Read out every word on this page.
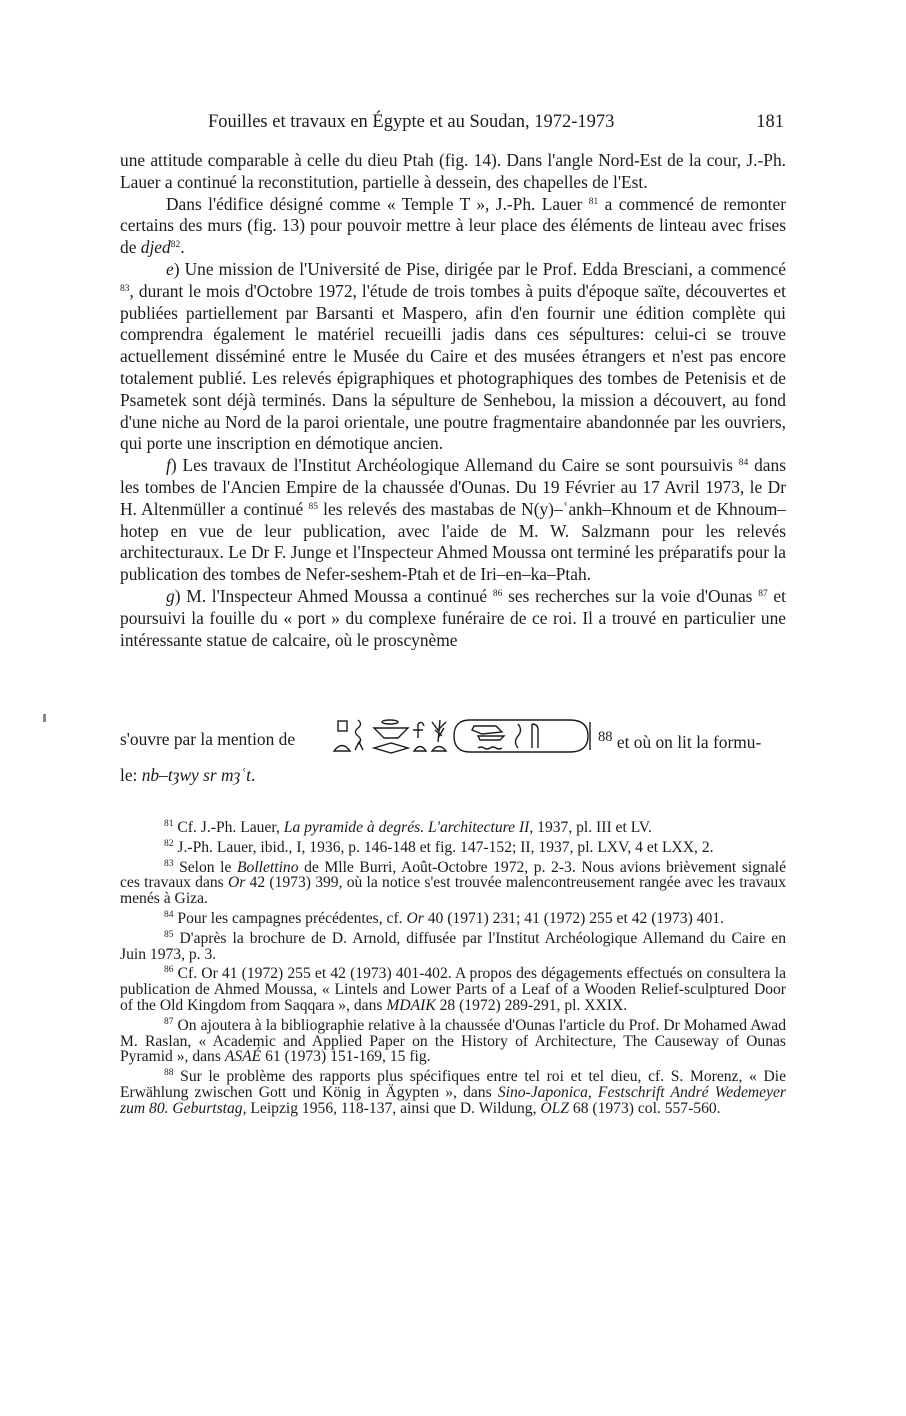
Fouilles et travaux en Égypte et au Soudan, 1972-1973	181

une attitude comparable à celle du dieu Ptah (fig. 14). Dans l'angle Nord-Est de la cour, J.-Ph. Lauer a continué la reconstitution, partielle à dessein, des chapelles de l'Est.

Dans l'édifice désigné comme « Temple T », J.-Ph. Lauer $^{81}$ a commencé de remonter certains des murs (fig. 13) pour pouvoir mettre à leur place des éléments de linteau avec frises de djed$^{82}$.

e) Une mission de l'Université de Pise, dirigée par le Prof. Edda Bresciani, a commencé $^{83}$, durant le mois d'Octobre 1972, l'étude de trois tombes à puits d'époque saïte, découvertes et publiées partiellement par Barsanti et Maspero, afin d'en fournir une édition complète qui comprendra également le matériel recueilli jadis dans ces sépultures: celui-ci se trouve actuellement disséminé entre le Musée du Caire et des musées étrangers et n'est pas encore totalement publié. Les relevés épigraphiques et photographiques des tombes de Petenisis et de Psametek sont déjà terminés. Dans la sépulture de Senhebou, la mission a découvert, au fond d'une niche au Nord de la paroi orientale, une poutre fragmentaire abandonnée par les ouvriers, qui porte une inscription en démotique ancien.

f) Les travaux de l'Institut Archéologique Allemand du Caire se sont poursuivis $^{84}$ dans les tombes de l'Ancien Empire de la chaussée d'Ounas. Du 19 Février au 17 Avril 1973, le Dr H. Altenmüller a continué $^{85}$ les relevés des mastabas de N(y)–ʿankh–Khnoum et de Khnoum–hotep en vue de leur publication, avec l'aide de M. W. Salzmann pour les relevés architecturaux. Le Dr F. Junge et l'Inspecteur Ahmed Moussa ont terminé les préparatifs pour la publication des tombes de Nefer-seshem-Ptah et de Iri–en–ka–Ptah.

g) M. l'Inspecteur Ahmed Moussa a continué $^{86}$ ses recherches sur la voie d'Ounas $^{87}$ et poursuivi la fouille du « port » du complexe funéraire de ce roi. Il a trouvé en particulier une intéressante statue de calcaire, où le proscynème

s'ouvre par la mention de	$^{88}$ et où on lit la formu-
le: nb–tȝwy sr mȝʿt.

$^{81}$ Cf. J.-Ph. Lauer, La pyramide à degrés. L'architecture II, 1937, pl. III et LV.

$^{82}$ J.-Ph. Lauer, ibid., I, 1936, p. 146-148 et fig. 147-152; II, 1937, pl. LXV, 4 et LXX, 2.

$^{83}$ Selon le Bollettino de Mlle Burri, Août-Octobre 1972, p. 2-3. Nous avions brièvement signalé ces travaux dans Or 42 (1973) 399, où la notice s'est trouvée malencontreusement rangée avec les travaux menés à Giza.

$^{84}$ Pour les campagnes précédentes, cf. Or 40 (1971) 231; 41 (1972) 255 et 42 (1973) 401.

$^{85}$ D'après la brochure de D. Arnold, diffusée par l'Institut Archéologique Allemand du Caire en Juin 1973, p. 3.

$^{86}$ Cf. Or 41 (1972) 255 et 42 (1973) 401-402. A propos des dégagements effectués on consultera la publication de Ahmed Moussa, « Lintels and Lower Parts of a Leaf of a Wooden Relief-sculptured Door of the Old Kingdom from Saqqara », dans MDAIK 28 (1972) 289-291, pl. XXIX.

$^{87}$ On ajoutera à la bibliographie relative à la chaussée d'Ounas l'article du Prof. Dr Mohamed Awad M. Raslan, « Academic and Applied Paper on the History of Architecture, The Causeway of Ounas Pyramid », dans ASAÉ 61 (1973) 151-169, 15 fig.

$^{88}$ Sur le problème des rapports plus spécifiques entre tel roi et tel dieu, cf. S. Morenz, « Die Erwählung zwischen Gott und König in Ägypten », dans Sino-Japonica, Festschrift André Wedemeyer zum 80. Geburtstag, Leipzig 1956, 118-137, ainsi que D. Wildung, OLZ 68 (1973) col. 557-560.
